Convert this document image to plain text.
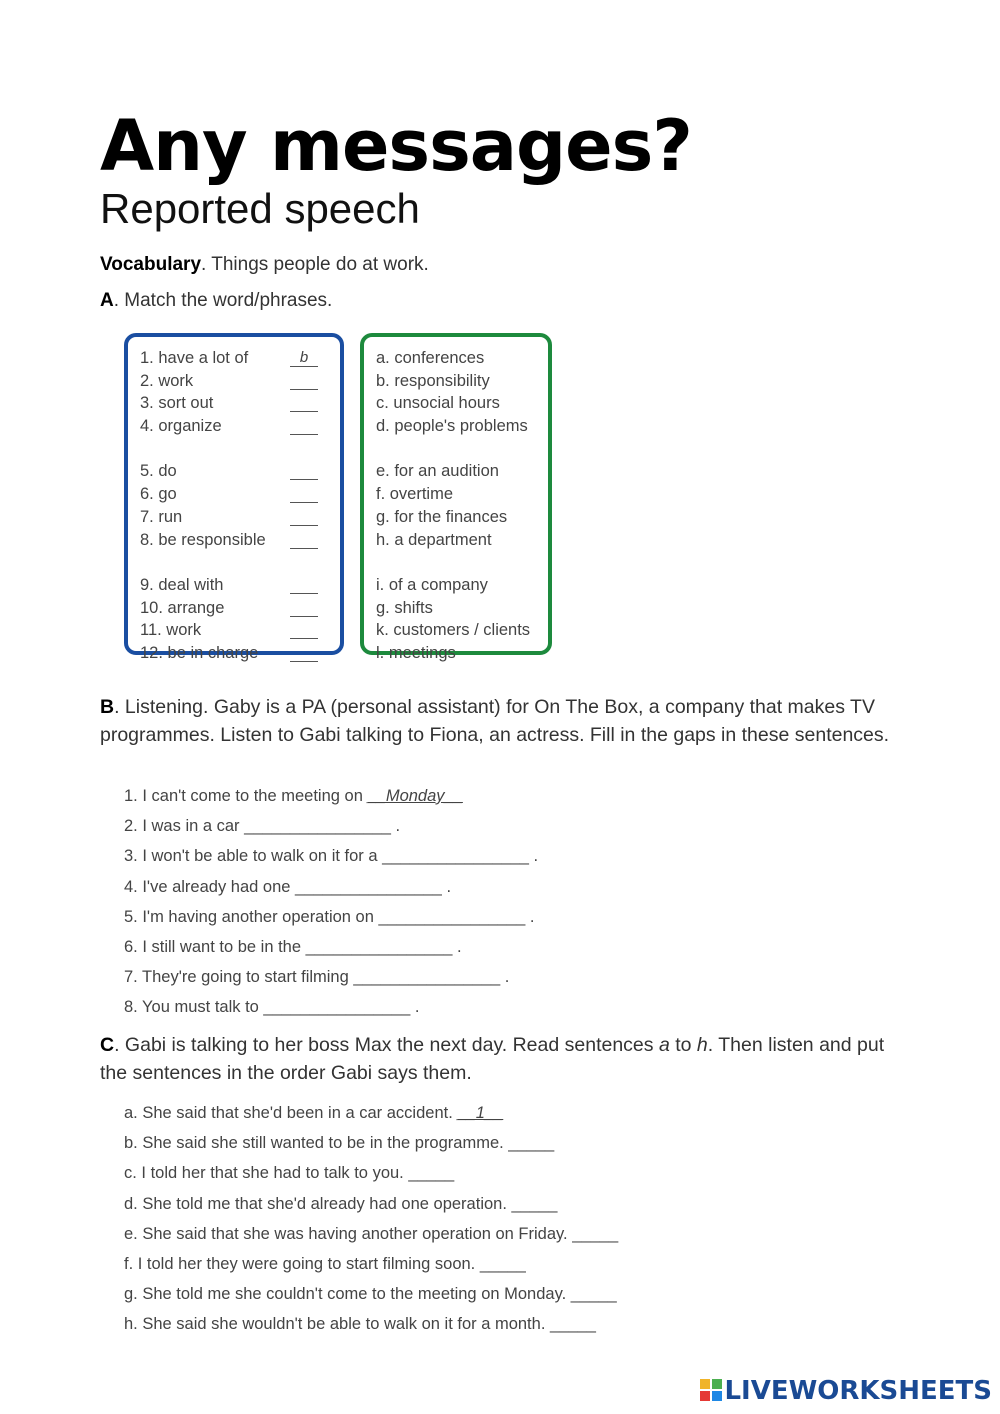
Any messages?
Reported speech
Vocabulary. Things people do at work.
A. Match the word/phrases.
1. have a lot of	b
2. work
3. sort out
4. organize
5. do
6. go
7. run
8. be responsible
9. deal with
10. arrange
11. work
12. be in charge
a. conferences
b. responsibility
c. unsocial hours
d. people's problems
e. for an audition
f. overtime
g. for the finances
h. a department
i. of a company
g. shifts
k. customers / clients
l. meetings
B. Listening. Gaby is a PA (personal assistant) for On The Box, a company that makes TV programmes. Listen to Gabi talking to Fiona, an actress. Fill in the gaps in these sentences.
1. I can't come to the meeting on __Monday__
2. I was in a car ________________ .
3. I won't be able to walk on it for a ________________ .
4. I've already had one ________________ .
5. I'm having another operation on ________________ .
6. I still want to be in the ________________ .
7. They're going to start filming ________________ .
8. You must talk to ________________ .
C. Gabi is talking to her boss Max the next day. Read sentences a to h. Then listen and put the sentences in the order Gabi says them.
a. She said that she'd been in a car accident. __1__
b. She said she still wanted to be in the programme. _____
c. I told her that she had to talk to you. _____
d. She told me that she'd already had one operation. _____
e. She said that she was having another operation on Friday. _____
f. I told her they were going to start filming soon. _____
g. She told me she couldn't come to the meeting on Monday. _____
h. She said she wouldn't be able to walk on it for a month. _____
LIVEWORKSHEETS
